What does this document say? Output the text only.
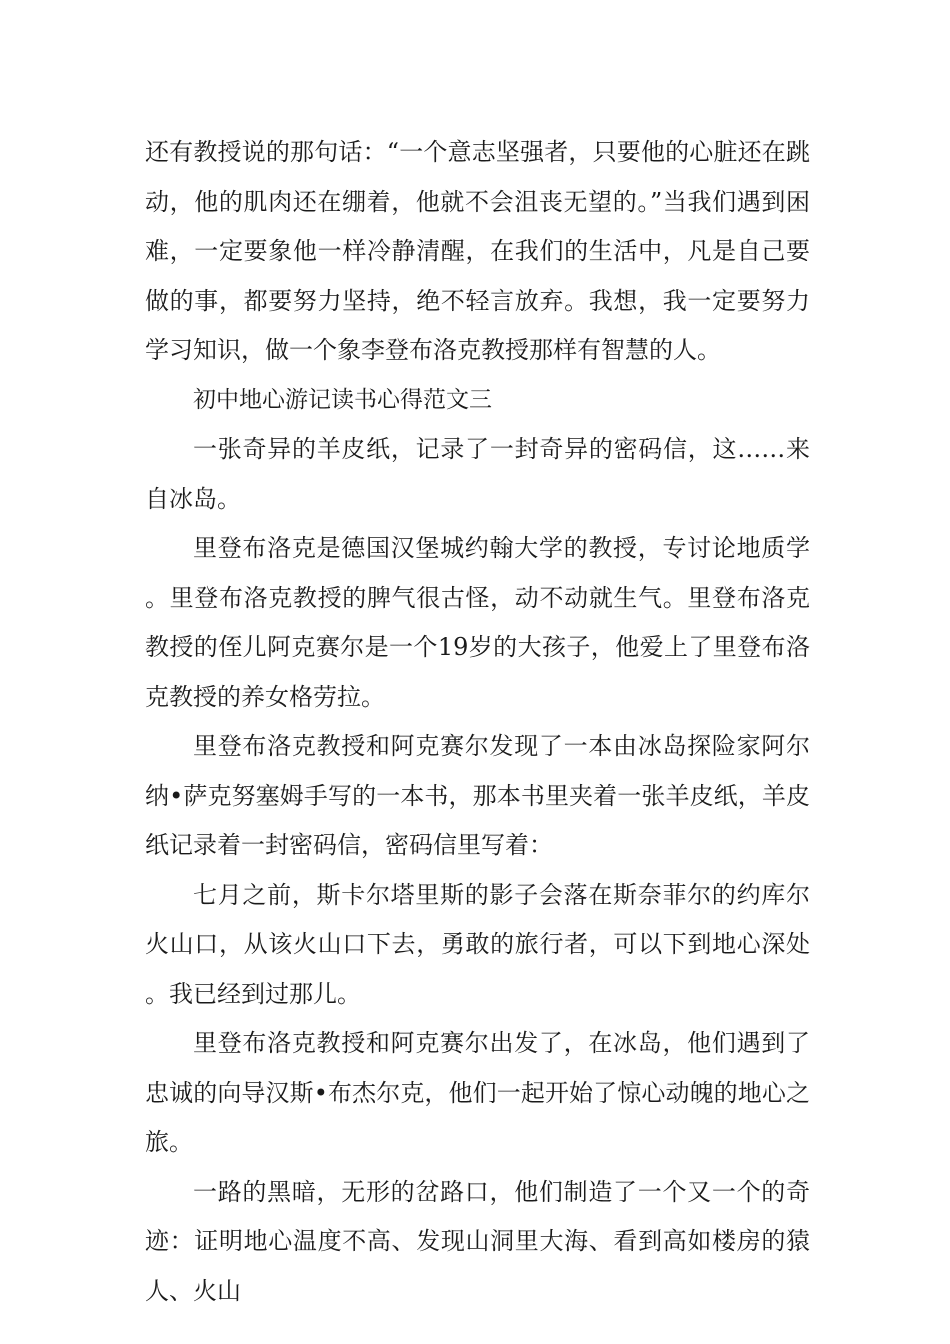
还有教授说的那句话：“一个意志坚强者，只要他的心脏还在跳动，他的肌肉还在绷着，他就不会沮丧无望的。”当我们遇到困难，一定要象他一样冷静清醒，在我们的生活中，凡是自己要做的事，都要努力坚持，绝不轻言放弃。我想，我一定要努力学习知识，做一个象李登布洛克教授那样有智慧的人。

初中地心游记读书心得范文三

一张奇异的羊皮纸，记录了一封奇异的密码信，这……来自冰岛。

里登布洛克是德国汉堡城约翰大学的教授，专讨论地质学。里登布洛克教授的脾气很古怪，动不动就生气。里登布洛克教授的侄儿阿克赛尔是一个19岁的大孩子，他爱上了里登布洛克教授的养女格劳拉。

里登布洛克教授和阿克赛尔发现了一本由冰岛探险家阿尔纳•萨克努塞姆手写的一本书，那本书里夹着一张羊皮纸，羊皮纸记录着一封密码信，密码信里写着：

七月之前，斯卡尔塔里斯的影子会落在斯奈菲尔的约库尔火山口，从该火山口下去，勇敢的旅行者，可以下到地心深处。我已经到过那儿。

里登布洛克教授和阿克赛尔出发了，在冰岛，他们遇到了忠诚的向导汉斯•布杰尔克，他们一起开始了惊心动魄的地心之旅。

一路的黑暗，无形的岔路口，他们制造了一个又一个的奇迹：证明地心温度不高、发现山洞里大海、看到高如楼房的猿人、火山
